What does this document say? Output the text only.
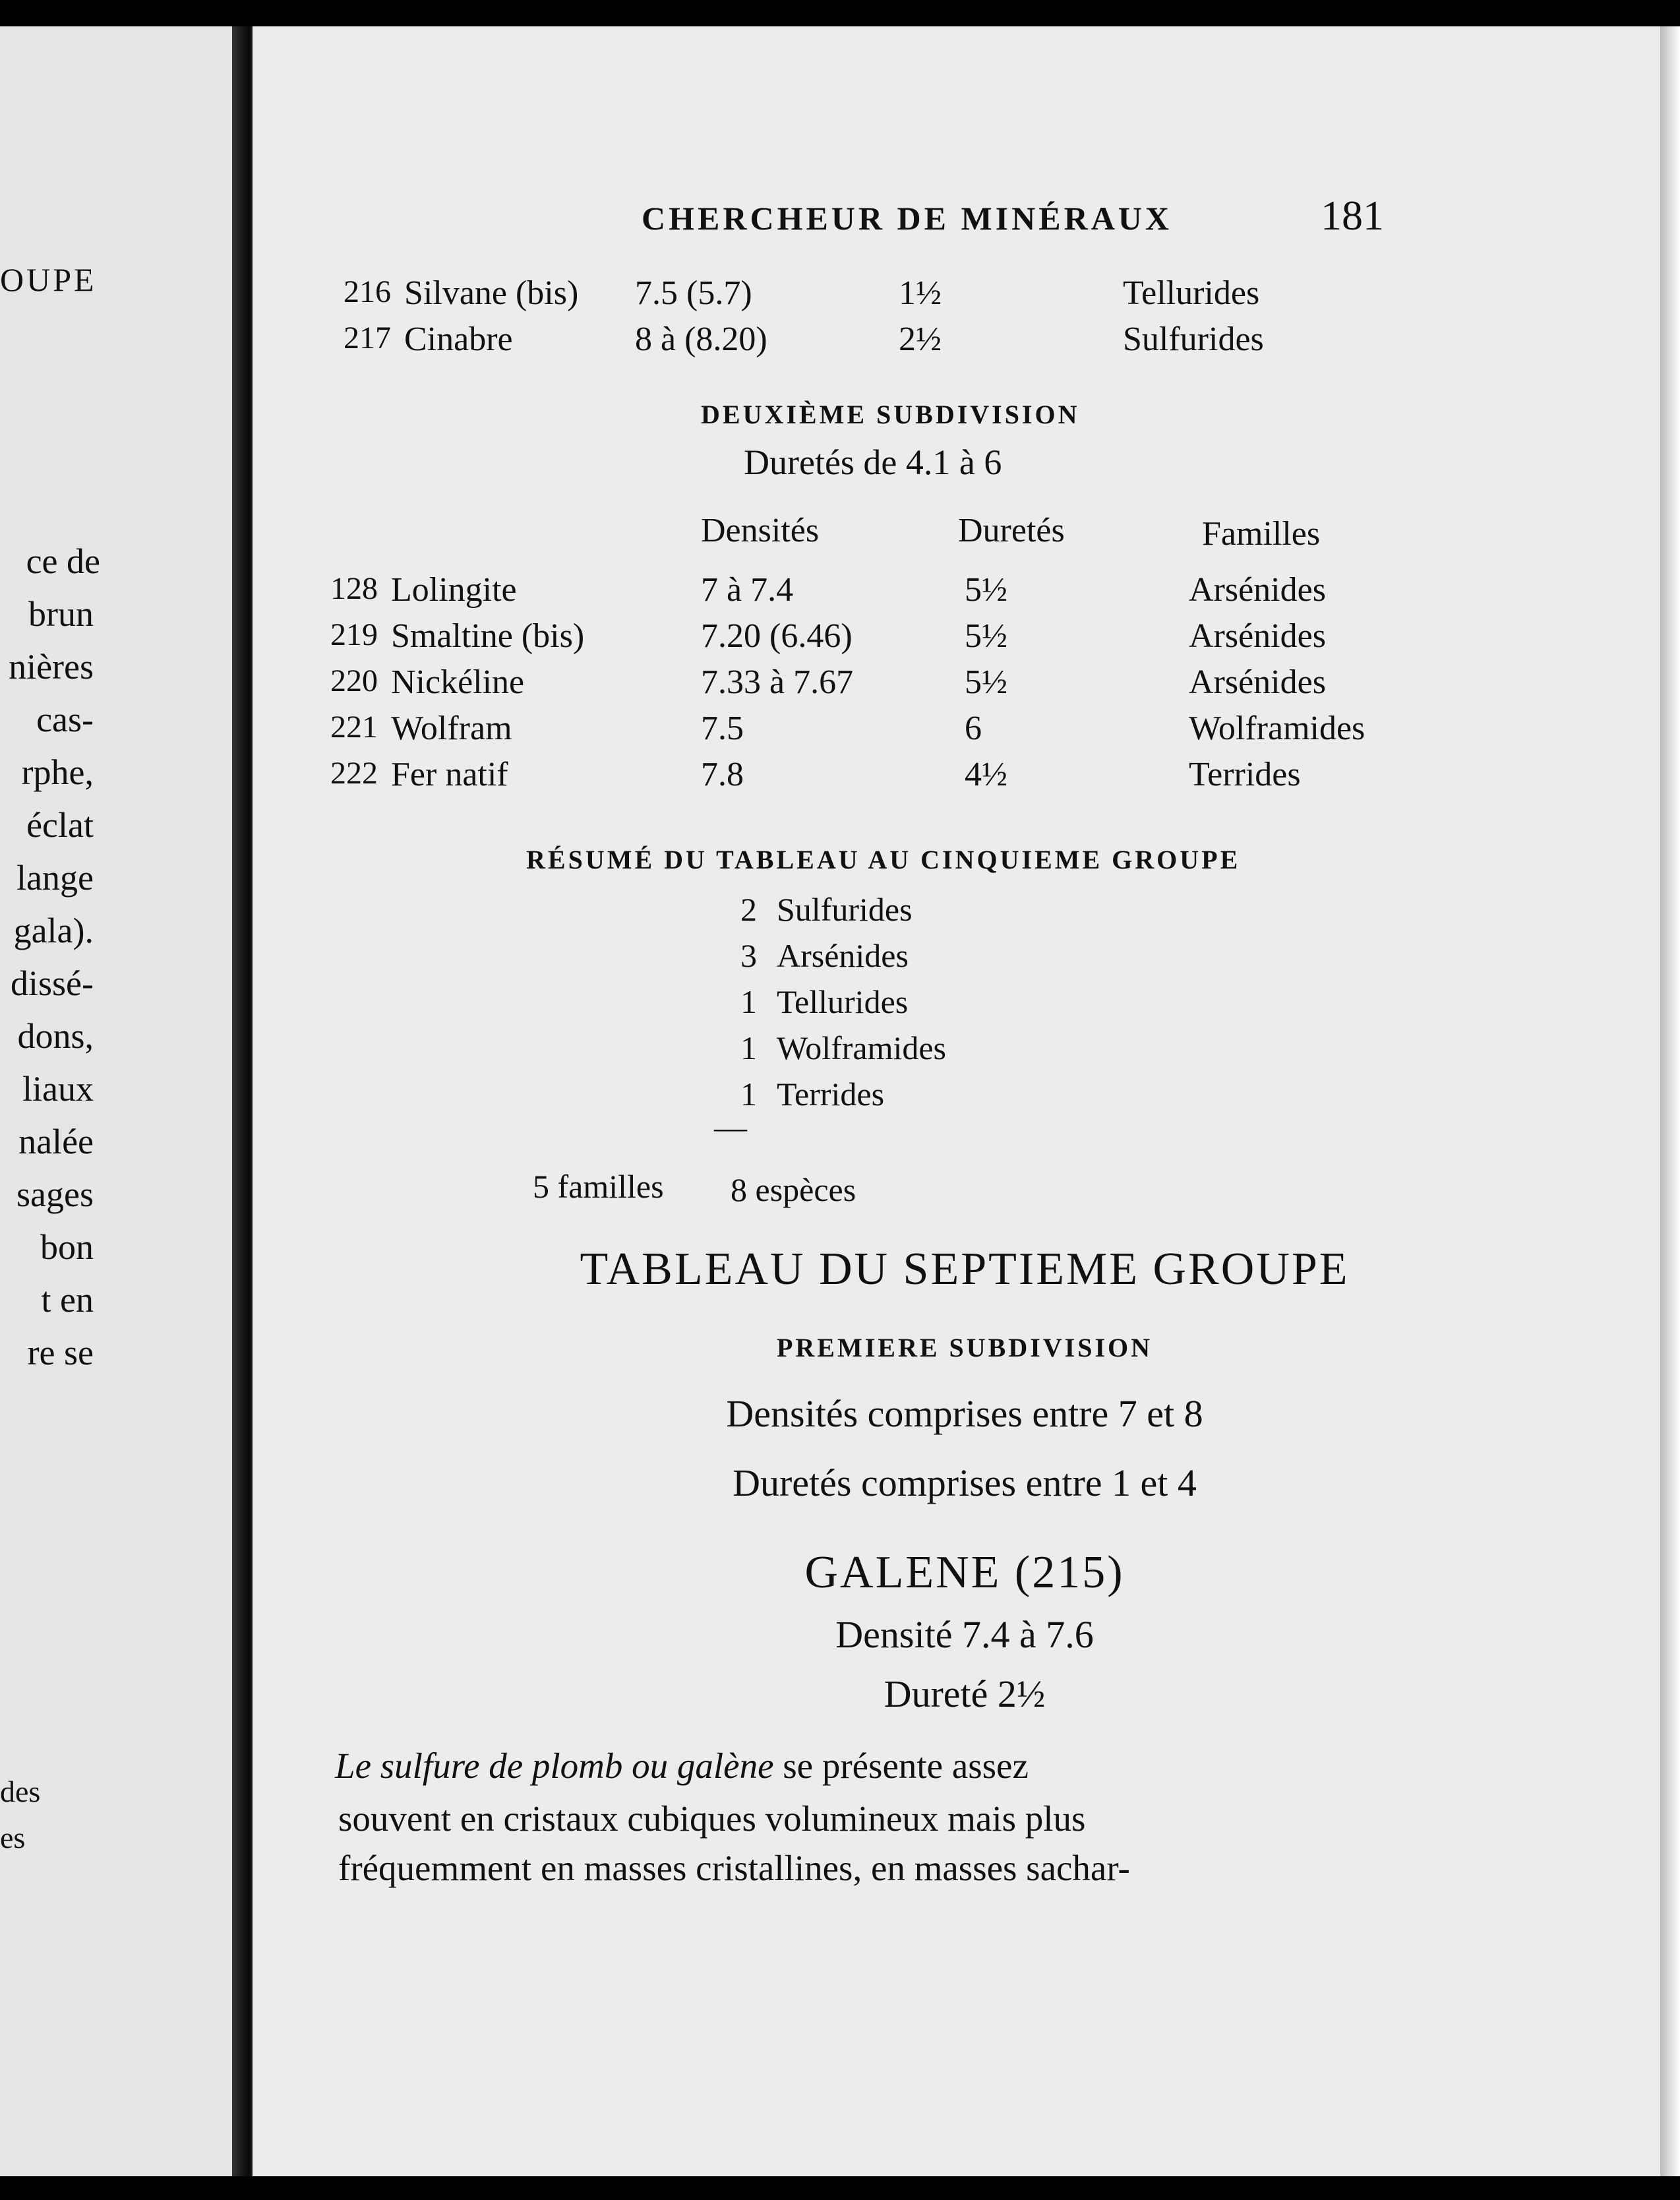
OUPE
ce de
brun
nières
cas-
rphe,
éclat
lange
gala).
dissé-
dons,
liaux
nalée
sages
bon
t en
re se
des
es
CHERCHEUR DE MINÉRAUX	181
216 Silvane (bis) 7.5 (5.7)	1½	Tellurides
217 Cinabre	8 à (8.20)	2½	Sulfurides
DEUXIÈME SUBDIVISION
Duretés de 4.1 à 6
Densités	Duretés	Familles
128 Lolingite	7 à 7.4	5½	Arsénides
219 Smaltine (bis)	7.20 (6.46)	5½	Arsénides
220 Nickéline	7.33 à 7.67	5½	Arsénides
221 Wolfram	7.5	6	Wolframides
222 Fer natif	7.8	4½	Terrides
RÉSUMÉ DU TABLEAU AU CINQUIEME GROUPE
2 Sulfurides
3 Arsénides
1 Tellurides
1 Wolframides
1 Terrides
—
5 familles 8 espèces
TABLEAU DU SEPTIEME GROUPE
PREMIERE SUBDIVISION
Densités comprises entre 7 et 8
Duretés comprises entre 1 et 4
GALENE (215)
Densité 7.4 à 7.6
Dureté 2½
Le sulfure de plomb ou galène se présente assez
souvent en cristaux cubiques volumineux mais plus
fréquemment en masses cristallines, en masses sachar-
